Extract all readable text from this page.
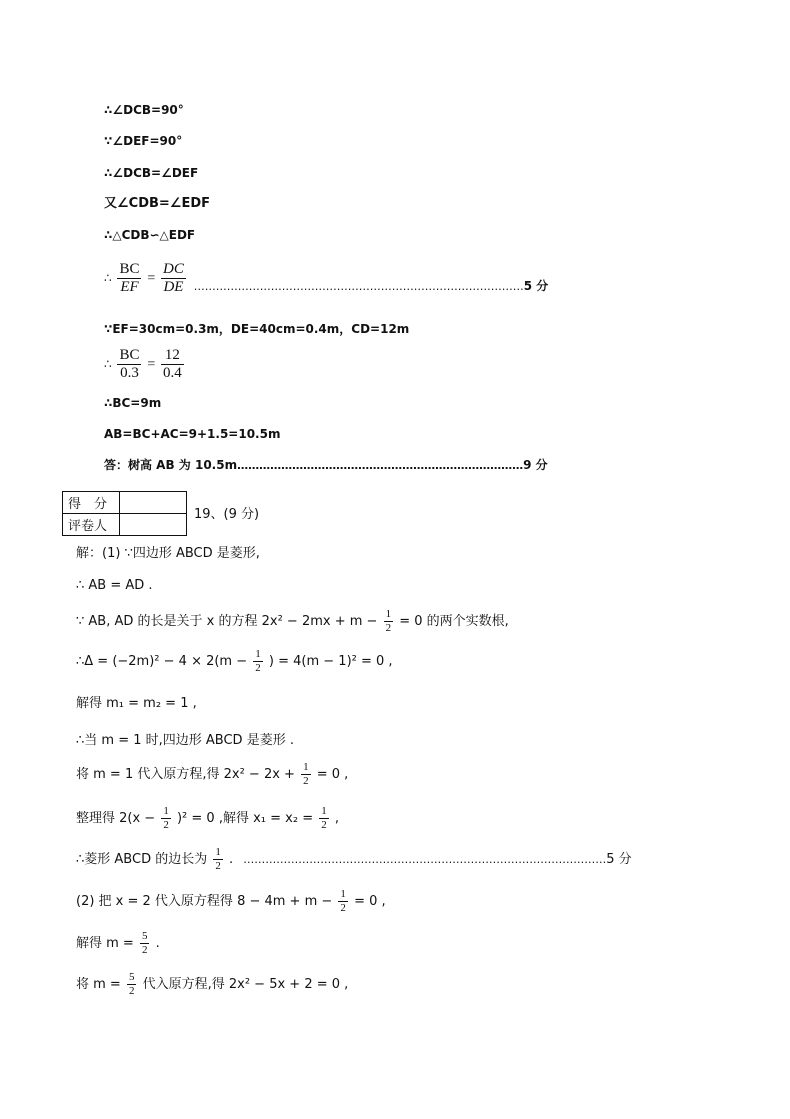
∴∠DCB=90°
∵∠DEF=90°
∴∠DCB=∠DEF
又∠CDB=∠EDF
∴△CDB∽△EDF
∴ $\frac{BC}{EF} = \frac{DC}{DE}$ ………………………………………………………………………………5 分
∵EF=30cm=0.3m，DE=40cm=0.4m，CD=12m
∴ $\frac{BC}{0.3} = \frac{12}{0.4}$
∴BC=9m
AB=BC+AC=9+1.5=10.5m
答：树高 AB 为 10.5m……………………………………………………………………9 分
得　分	
评卷人	
19、(9 分)
解：(1) ∵四边形 ABCD 是菱形,
∴ AB = AD .
∵ AB, AD 的长是关于 x 的方程 $2x^2 - 2mx + m - \frac{1}{2} = 0$ 的两个实数根,
∴Δ = $(-2m)^2 - 4 \times 2(m - \frac{1}{2}$ ) = 4(m − 1)² = 0 ,
解得 m₁ = m₂ = 1 ,
∴当 m = 1 时,四边形 ABCD 是菱形 .
将 m = 1 代入原方程,得 $2x^2 - 2x + \frac{1}{2} = 0$ ,
整理得 $2(x - \frac{1}{2} )^2 = 0$ ,解得 $x_1 = x_2 = \frac{1}{2}$ ,
∴菱形 ABCD 的边长为 $\frac{1}{2}$ . ………………………………………………………………………………………5 分
(2) 把 x = 2 代入原方程得 $8 - 4m + m - \frac{1}{2} = 0$ ,
解得 $m = \frac{5}{2}$ .
将 $m = \frac{5}{2}$ 代入原方程,得 2x² − 5x + 2 = 0 ,
